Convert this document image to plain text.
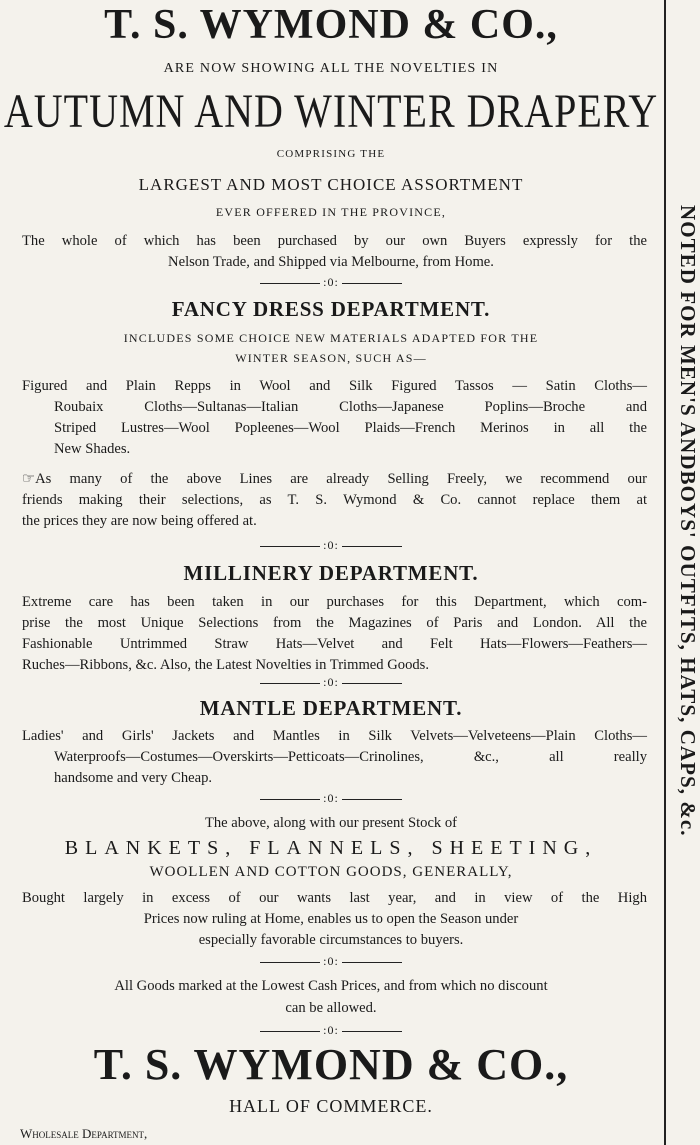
T. S. WYMOND & CO.,
ARE NOW SHOWING ALL THE NOVELTIES IN
AUTUMN AND WINTER DRAPERY
COMPRISING THE
LARGEST AND MOST CHOICE ASSORTMENT
EVER OFFERED IN THE PROVINCE,
The whole of which has been purchased by our own Buyers expressly for the
Nelson Trade, and Shipped via Melbourne, from Home.
:0:
FANCY DRESS DEPARTMENT.
INCLUDES SOME CHOICE NEW MATERIALS ADAPTED FOR THE
WINTER SEASON, SUCH AS—
Figured and Plain Repps in Wool and Silk Figured Tassos — Satin Cloths—
Roubaix Cloths—Sultanas—Italian Cloths—Japanese Poplins—Broche and
Striped Lustres—Wool Popleenes—Wool Plaids—French Merinos in all the
New Shades.
☞As many of the above Lines are already Selling Freely, we recommend our
friends making their selections, as T. S. Wymond & Co. cannot replace them at
the prices they are now being offered at.
:0:
MILLINERY DEPARTMENT.
Extreme care has been taken in our purchases for this Department, which com-
prise the most Unique Selections from the Magazines of Paris and London. All the
Fashionable Untrimmed Straw Hats—Velvet and Felt Hats—Flowers—Feathers—
Ruches—Ribbons, &c. Also, the Latest Novelties in Trimmed Goods.
:0:
MANTLE DEPARTMENT.
Ladies' and Girls' Jackets and Mantles in Silk Velvets—Velveteens—Plain Cloths—
Waterproofs—Costumes—Overskirts—Petticoats—Crinolines, &c., all really
handsome and very Cheap.
:0:
The above, along with our present Stock of
BLANKETS, FLANNELS, SHEETING,
WOOLLEN AND COTTON GOODS, GENERALLY,
Bought largely in excess of our wants last year, and in view of the High
Prices now ruling at Home, enables us to open the Season under
especially favorable circumstances to buyers.
:0:
All Goods marked at the Lowest Cash Prices, and from which no discount
can be allowed.
:0:
T. S. WYMOND & CO.,
HALL OF COMMERCE.
Wholesale Department,
NOTED FOR MEN'S ANDBOYS' OUTFITS, HATS, CAPS, &c.
